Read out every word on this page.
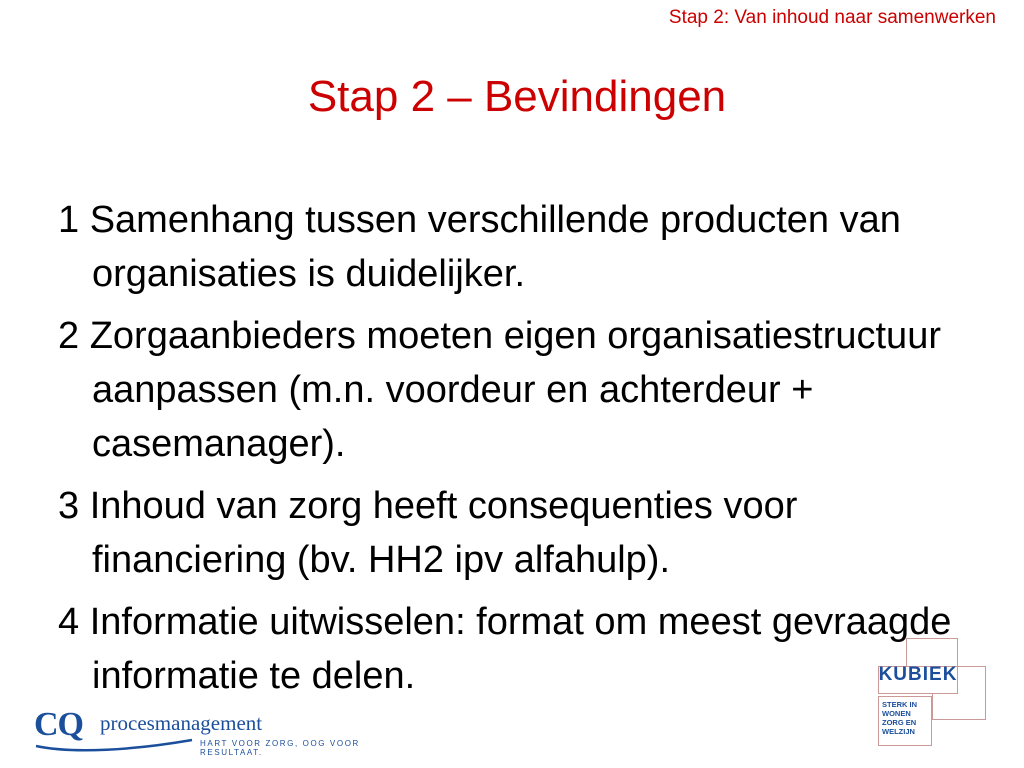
Stap 2: Van inhoud naar samenwerken
Stap 2 – Bevindingen
1 Samenhang tussen verschillende producten van organisaties is duidelijker.
2 Zorgaanbieders moeten eigen organisatiestructuur aanpassen (m.n. voordeur en achterdeur + casemanager).
3 Inhoud van zorg heeft consequenties voor financiering (bv. HH2 ipv alfahulp).
4 Informatie uitwisselen: format om meest gevraagde informatie te delen.
CQ procesmanagement
HART VOOR ZORG, OOG VOOR RESULTAAT.
KUBIEK
STERK IN
WONEN
ZORG EN
WELZIJN
